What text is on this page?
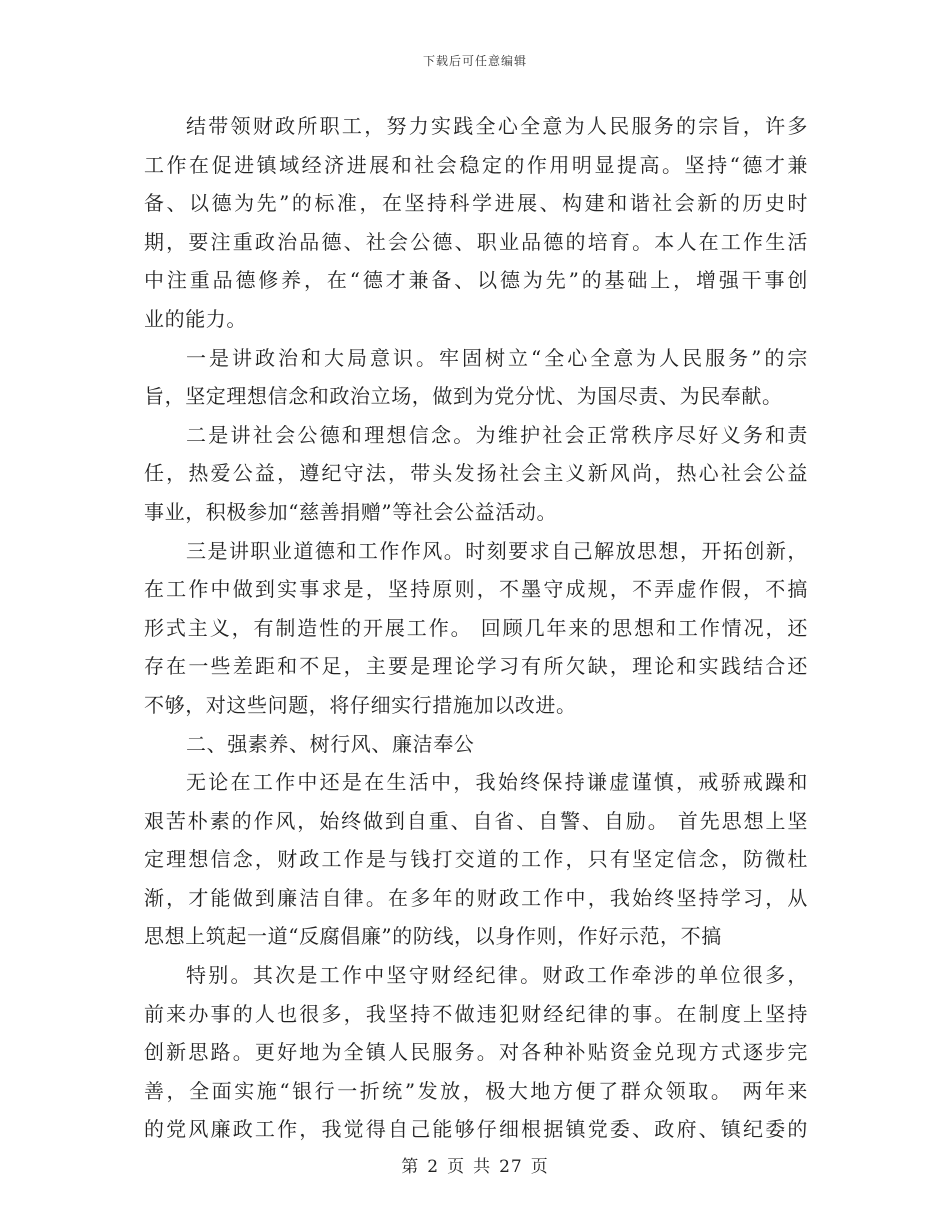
下载后可任意编辑
结带领财政所职工，努力实践全心全意为人民服务的宗旨，许多
工作在促进镇域经济进展和社会稳定的作用明显提高。坚持“德才兼
备、以德为先”的标准，在坚持科学进展、构建和谐社会新的历史时
期，要注重政治品德、社会公德、职业品德的培育。本人在工作生活
中注重品德修养，在“德才兼备、以德为先”的基础上，增强干事创
业的能力。
一是讲政治和大局意识。牢固树立“全心全意为人民服务”的宗
旨，坚定理想信念和政治立场，做到为党分忧、为国尽责、为民奉献。
二是讲社会公德和理想信念。为维护社会正常秩序尽好义务和责
任，热爱公益，遵纪守法，带头发扬社会主义新风尚，热心社会公益
事业，积极参加“慈善捐赠”等社会公益活动。
三是讲职业道德和工作作风。时刻要求自己解放思想，开拓创新，
在工作中做到实事求是，坚持原则，不墨守成规，不弄虚作假，不搞
形式主义，有制造性的开展工作。 回顾几年来的思想和工作情况，还
存在一些差距和不足，主要是理论学习有所欠缺，理论和实践结合还
不够，对这些问题，将仔细实行措施加以改进。
二、强素养、树行风、廉洁奉公
无论在工作中还是在生活中，我始终保持谦虚谨慎，戒骄戒躁和
艰苦朴素的作风，始终做到自重、自省、自警、自励。 首先思想上坚
定理想信念，财政工作是与钱打交道的工作，只有坚定信念，防微杜
渐，才能做到廉洁自律。在多年的财政工作中，我始终坚持学习，从
思想上筑起一道“反腐倡廉”的防线，以身作则，作好示范，不搞
特别。其次是工作中坚守财经纪律。财政工作牵涉的单位很多，
前来办事的人也很多，我坚持不做违犯财经纪律的事。在制度上坚持
创新思路。更好地为全镇人民服务。对各种补贴资金兑现方式逐步完
善，全面实施“银行一折统”发放，极大地方便了群众领取。 两年来
的党风廉政工作，我觉得自己能够仔细根据镇党委、政府、镇纪委的
第 2 页 共 27 页
